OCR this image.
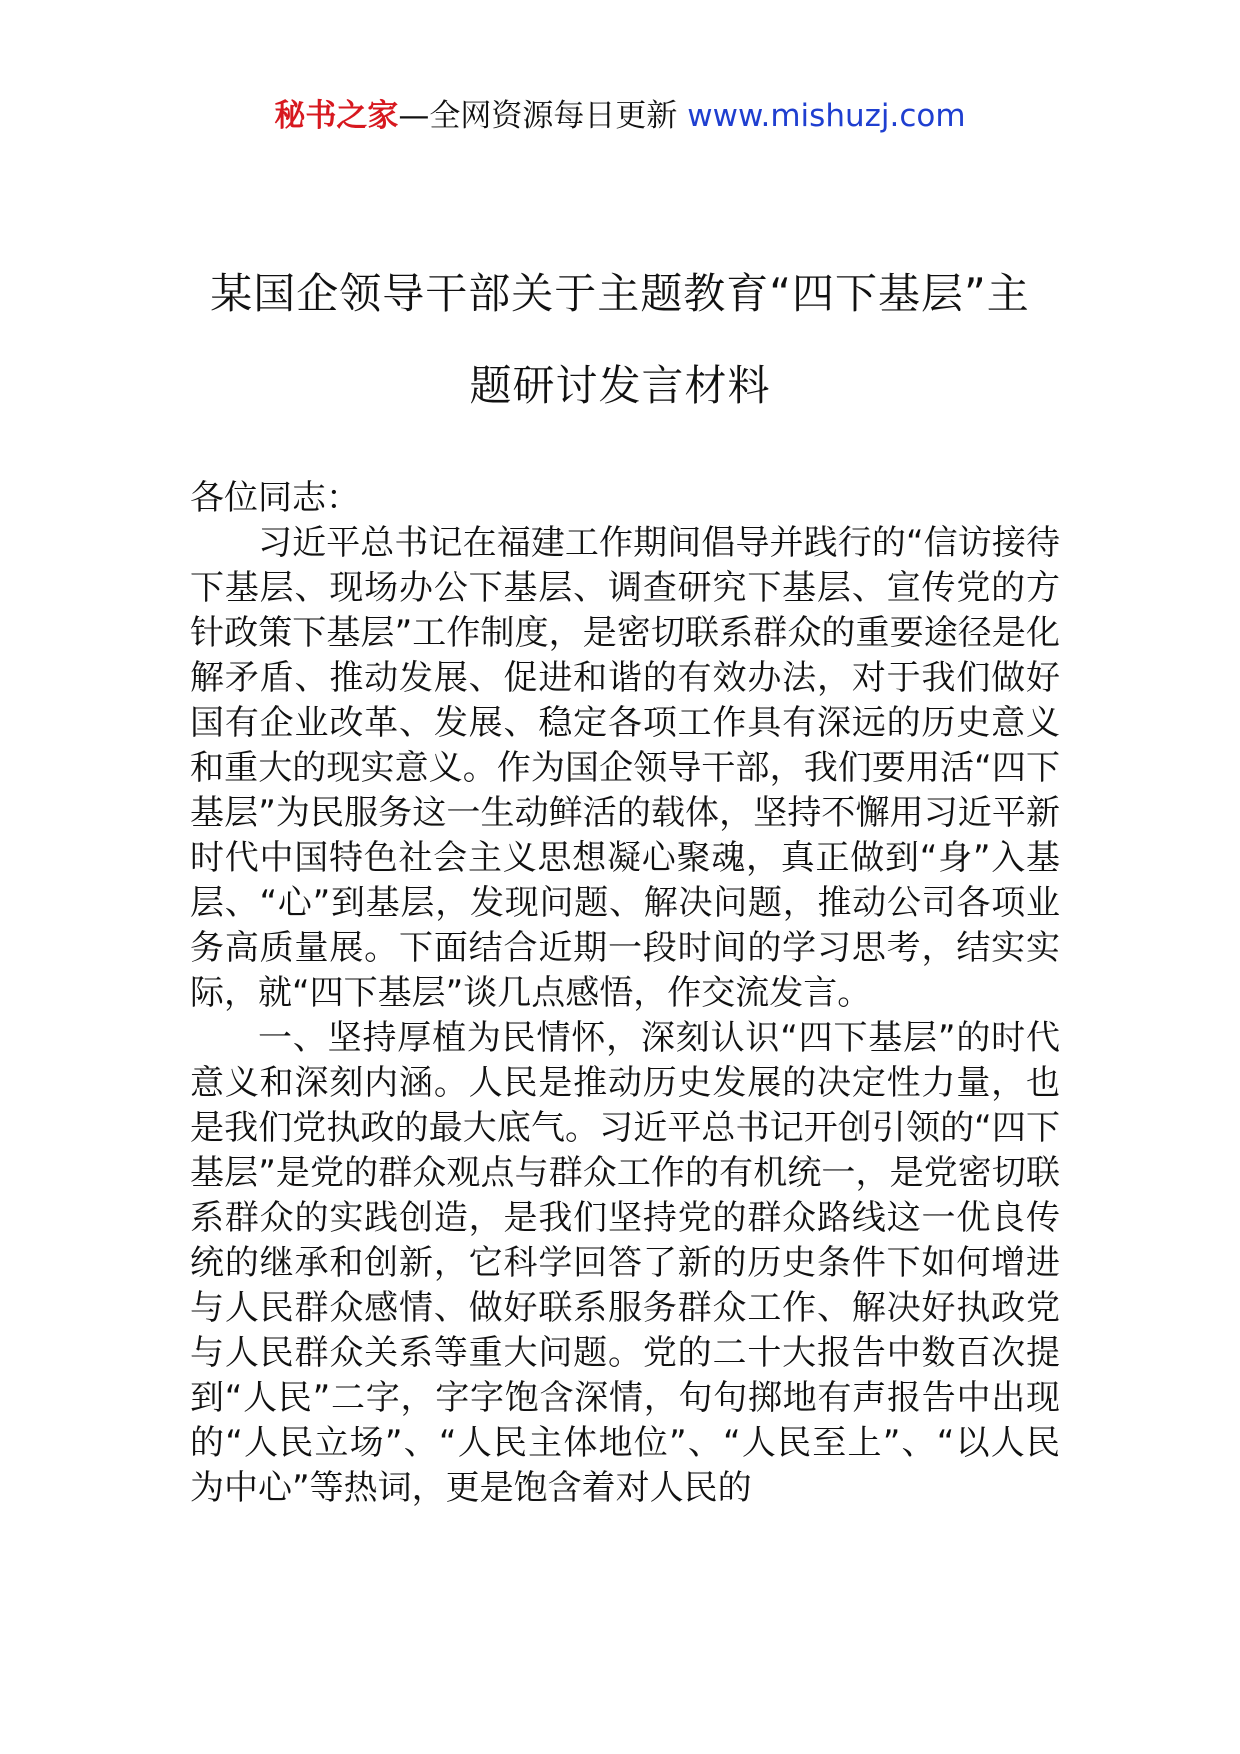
秘书之家—全网资源每日更新 www.mishuzj.com
某国企领导干部关于主题教育“四下基层”主
题研讨发言材料

各位同志：

习近平总书记在福建工作期间倡导并践行的“信访接待下基层、现场办公下基层、调查研究下基层、宣传党的方针政策下基层”工作制度，是密切联系群众的重要途径是化解矛盾、推动发展、促进和谐的有效办法，对于我们做好国有企业改革、发展、稳定各项工作具有深远的历史意义和重大的现实意义。作为国企领导干部，我们要用活“四下基层”为民服务这一生动鲜活的载体，坚持不懈用习近平新时代中国特色社会主义思想凝心聚魂，真正做到“身”入基层、“心”到基层，发现问题、解决问题，推动公司各项业务高质量展。下面结合近期一段时间的学习思考，结实实际，就“四下基层”谈几点感悟，作交流发言。

一、坚持厚植为民情怀，深刻认识“四下基层”的时代意义和深刻内涵。人民是推动历史发展的决定性力量，也是我们党执政的最大底气。习近平总书记开创引领的“四下基层”是党的群众观点与群众工作的有机统一，是党密切联系群众的实践创造，是我们坚持党的群众路线这一优良传统的继承和创新，它科学回答了新的历史条件下如何增进与人民群众感情、做好联系服务群众工作、解决好执政党与人民群众关系等重大问题。党的二十大报告中数百次提到“人民”二字，字字饱含深情，句句掷地有声报告中出现的“人民立场”、“人民主体地位”、“人民至上”、“以人民为中心”等热词，更是饱含着对人民的
